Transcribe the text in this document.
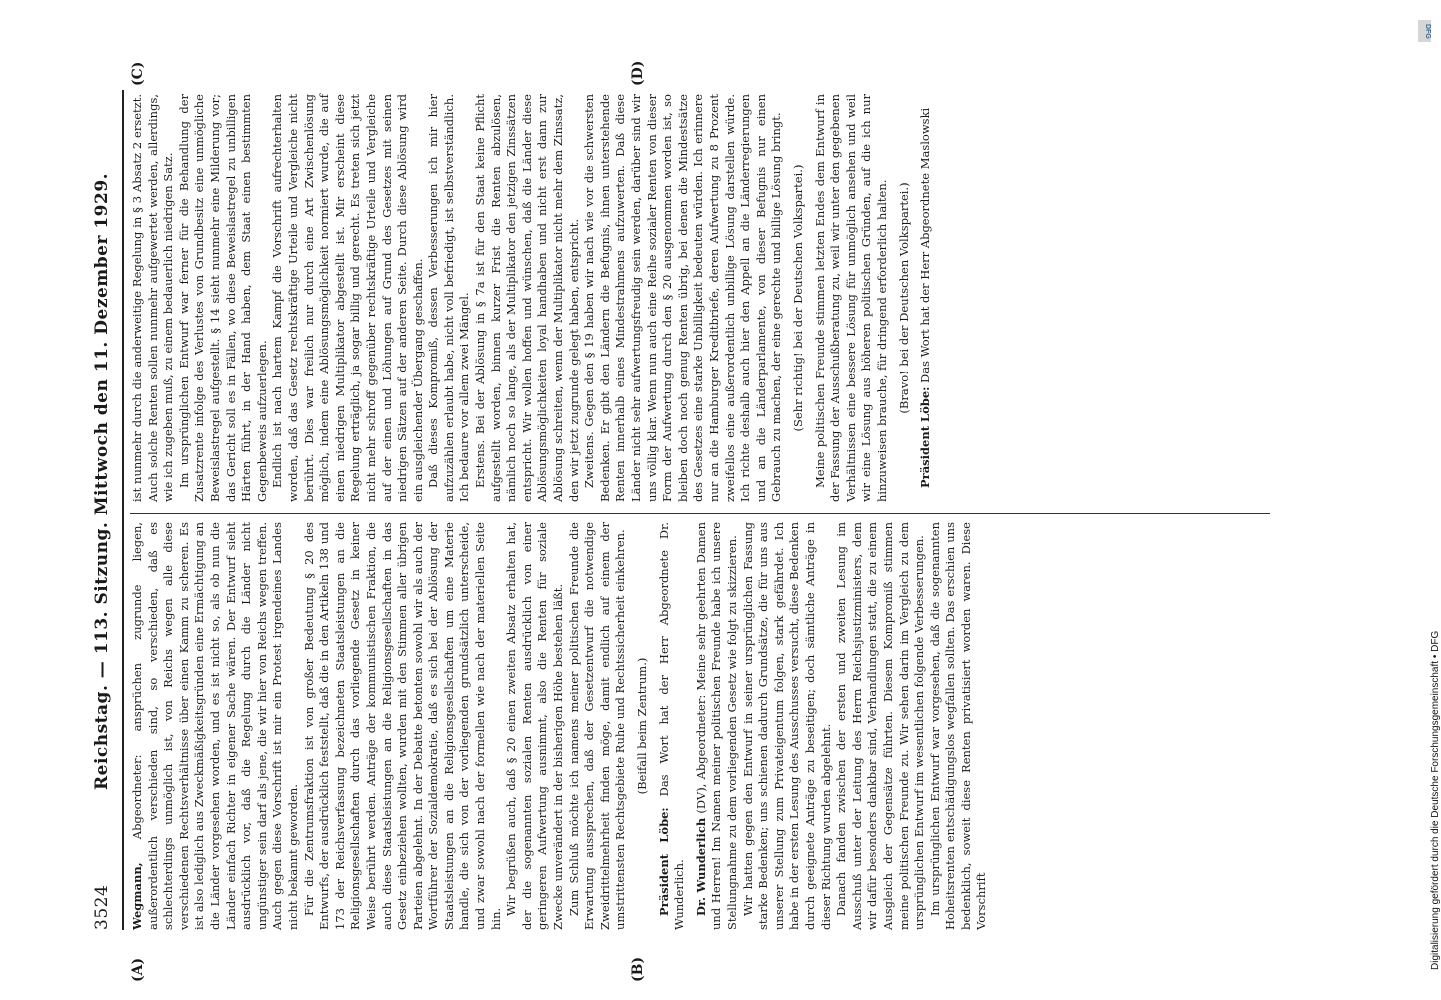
3524
Reichstag. — 113. Sitzung. Mittwoch den 11. Dezember 1929.
(A)	(B)
(C)	(D)

Wegmann, Abgeordneter: ansprüchen zugrunde liegen, außerordentlich verschieden sind, so verschieden, daß es schlechterdings unmöglich ist, von Reichs wegen alle diese verschiedenen Rechtsverhältnisse über einen Kamm zu scheren. Es ist also lediglich aus Zweckmäßigkeitsgründen eine Ermächtigung an die Länder vorgesehen worden, und es ist nicht so, als ob nun die Länder einfach Richter in eigener Sache wären. Der Entwurf sieht ausdrücklich vor, daß die Regelung durch die Länder nicht ungünstiger sein darf als jene, die wir hier von Reichs wegen treffen. Auch gegen diese Vorschrift ist mir ein Protest irgendeines Landes nicht bekannt geworden. Für die Zentrumsfraktion ist von großer Bedeutung § 20 des Entwurfs, der ausdrücklich feststellt, daß die in den Artikeln 138 und 173 der Reichsverfassung bezeichneten Staatsleistungen an die Religionsgesellschaften durch das vorliegende Gesetz in keiner Weise berührt werden. Anträge der kommunistischen Fraktion, die auch diese Staatsleistungen an die Religionsgesellschaften in das Gesetz einbeziehen wollten, wurden mit den Stimmen aller übrigen Parteien abgelehnt. In der Debatte betonten sowohl wir als auch der Wortführer der Sozialdemokratie, daß es sich bei der Ablösung der Staatsleistungen an die Religionsgesellschaften um eine Materie handle, die sich von der vorliegenden grundsätzlich unterscheide, und zwar sowohl nach der formellen wie nach der materiellen Seite hin.

Wir begrüßen auch, daß § 20 einen zweiten Absatz erhalten hat, der die sogenannten sozialen Renten ausdrücklich von einer geringeren Aufwertung ausnimmt, also die Renten für soziale Zwecke unverändert in der bisherigen Höhe bestehen läßt. Zum Schluß möchte ich namens meiner politischen Freunde die Erwartung aussprechen, daß der Gesetzentwurf die notwendige Zweidrittelmehrheit finden möge, damit endlich auf einem der umstrittensten Rechtsgebiete Ruhe und Rechtssicherheit einkehren. (Beifall beim Zentrum.)

Präsident Löbe: Das Wort hat der Herr Abgeordnete Dr. Wunderlich. Dr. Wunderlich (DV), Abgeordneter: Meine sehr geehrten Damen und Herren! Im Namen meiner politischen Freunde habe ich unsere Stellungnahme zu dem vorliegenden Gesetz wie folgt zu skizzieren. Wir hatten gegen den Entwurf in seiner ursprünglichen Fassung starke Bedenken; uns schienen dadurch Grundsätze, die für uns aus unserer Stellung zum Privateigentum folgen, stark gefährdet. Ich habe in der ersten Lesung des Ausschusses versucht, diese Bedenken durch geeignete Anträge zu beseitigen; doch sämtliche Anträge in dieser Richtung wurden abgelehnt. Danach fanden zwischen der ersten und zweiten Lesung im Ausschuß unter der Leitung des Herrn Reichsjustizministers, dem wir dafür besonders dankbar sind, Verhandlungen statt, die zu einem Ausgleich der Gegensätze führten. Diesem Kompromiß stimmen meine politischen Freunde zu. Wir sehen darin im Vergleich zu dem ursprünglichen Entwurf im wesentlichen folgende Verbesserungen. Im ursprünglichen Entwurf war vorgesehen, daß die sogenannten Hoheitsrenten entschädigungslos wegfallen sollten. Das erschien uns bedenklich, soweit diese Renten privatisiert worden waren. Diese Vorschrift

ist nunmehr durch die anderweitige Regelung in § 3 Absatz 2 ersetzt. Auch solche Renten sollen nunmehr aufgewertet werden, allerdings, wie ich zugeben muß, zu einem bedauerlich niedrigen Satz. Im ursprünglichen Entwurf war ferner für die Behandlung der Zusatzrente infolge des Verlustes von Grundbesitz eine unmögliche Beweislastregel aufgestellt. § 14 sieht nunmehr eine Milderung vor; das Gericht soll es in Fällen, wo diese Beweislastregel zu unbilligen Härten führt, in der Hand haben, dem Staat einen bestimmten Gegenbeweis aufzuerlegen. Endlich ist nach hartem Kampf die Vorschrift aufrechterhalten worden, daß das Gesetz rechtskräftige Urteile und Vergleiche nicht berührt. Dies war freilich nur durch eine Art Zwischenlösung möglich, indem eine Ablösungsmöglichkeit normiert wurde, die auf einen niedrigen Multiplikator abgestellt ist. Mir erscheint diese Regelung erträglich, ja sogar billig und gerecht. Es treten sich jetzt nicht mehr schroff gegenüber rechtskräftige Urteile und Vergleiche auf der einen und Löhungen auf Grund des Gesetzes mit seinen niedrigen Sätzen auf der anderen Seite. Durch diese Ablösung wird ein ausgleichender Übergang geschaffen. Daß dieses Kompromiß, dessen Verbesserungen ich mir hier aufzuzählen erlaubt habe, nicht voll befriedigt, ist selbstverständlich. Ich bedaure vor allem zwei Mängel. Erstens. Bei der Ablösung in § 7a ist für den Staat keine Pflicht aufgestellt worden, binnen kurzer Frist die Renten abzulösen, nämlich noch so lange, als der Multiplikator den jetzigen Zinssätzen entspricht. Wir wollen hoffen und wünschen, daß die Länder diese Ablösungsmöglichkeiten loyal handhaben und nicht erst dann zur Ablösung schreiten, wenn der Multiplikator nicht mehr dem Zinssatz, den wir jetzt zugrunde gelegt haben, entspricht. Zweitens. Gegen den § 19 haben wir nach wie vor die schwersten Bedenken. Er gibt den Ländern die Befugnis, ihnen unterstehende Renten innerhalb eines Mindestrahmens aufzuwerten. Daß diese Länder nicht sehr aufwertungsfreudig sein werden, darüber sind wir uns völlig klar. Wenn nun auch eine Reihe sozialer Renten von dieser Form der Aufwertung durch den § 20 ausgenommen worden ist, so bleiben doch noch genug Renten übrig, bei denen die Mindestsätze des Gesetzes eine starke Unbilligkeit bedeuten würden. Ich erinnere nur an die Hamburger Kreditbriefe, deren Aufwertung zu 8 Prozent zweifellos eine außerordentlich unbillige Lösung darstellen würde. Ich richte deshalb auch hier den Appell an die Länderregierungen und an die Länderparlamente, von dieser Befugnis nur einen Gebrauch zu machen, der eine gerechte und billige Lösung bringt. (Sehr richtig! bei der Deutschen Volkspartei.) Meine politischen Freunde stimmen letzten Endes dem Entwurf in der Fassung der Ausschußberatung zu, weil wir unter den gegebenen Verhältnissen eine bessere Lösung für unmöglich ansehen und weil wir eine Lösung aus höheren politischen Gründen, auf die ich nur hinzuweisen brauche, für dringend erforderlich halten. (Bravo! bei der Deutschen Volkspartei.)

Präsident Löbe: Das Wort hat der Herr Abgeordnete Maslowski

DFG
Digitalisierung gefördert durch die Deutsche Forschungsgemeinschaft • DFG
